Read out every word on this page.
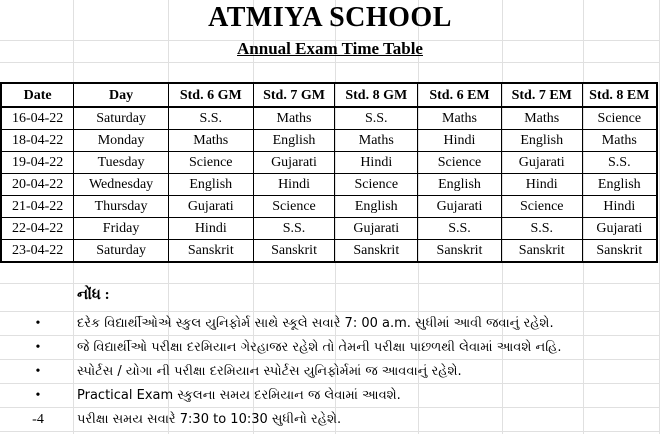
ATMIYA SCHOOL
Annual Exam Time Table
Date	Day	Std. 6 GM	Std. 7 GM	Std. 8 GM	Std. 6 EM	Std. 7 EM	Std. 8 EM
16-04-22	Saturday	S.S.	Maths	S.S.	Maths	Maths	Science
18-04-22	Monday	Maths	English	Maths	Hindi	English	Maths
19-04-22	Tuesday	Science	Gujarati	Hindi	Science	Gujarati	S.S.
20-04-22	Wednesday	English	Hindi	Science	English	Hindi	English
21-04-22	Thursday	Gujarati	Science	English	Gujarati	Science	Hindi
22-04-22	Friday	Hindi	S.S.	Gujarati	S.S.	S.S.	Gujarati
23-04-22	Saturday	Sanskrit	Sanskrit	Sanskrit	Sanskrit	Sanskrit	Sanskrit
નોંધ :
•	દરેક વિદ્યાર્થીઓએ સ્કુલ યુનિફોર્મ સાથે સ્કૂલે સવારે 7: 00 a.m. સુધીમાં આવી જવાનું રહેશે.
•	જે વિદ્યાર્થીઓ પરીક્ષા દરમિયાન ગેરહાજર રહેશે તો તેમની પરીક્ષા પાછળથી લેવામાં આવશે નહિ.
•	સ્પોર્ટસ / યોગા ની પરીક્ષા દરમિયાન સ્પોર્ટસ યુનિફોર્મમાં જ આવવાનું રહેશે.
•	Practical Exam સ્કુલના સમય દરમિયાન જ લેવામાં આવશે.
-4	પરીક્ષા સમય સવારે 7:30 to 10:30 સુધીનો રહેશે.
